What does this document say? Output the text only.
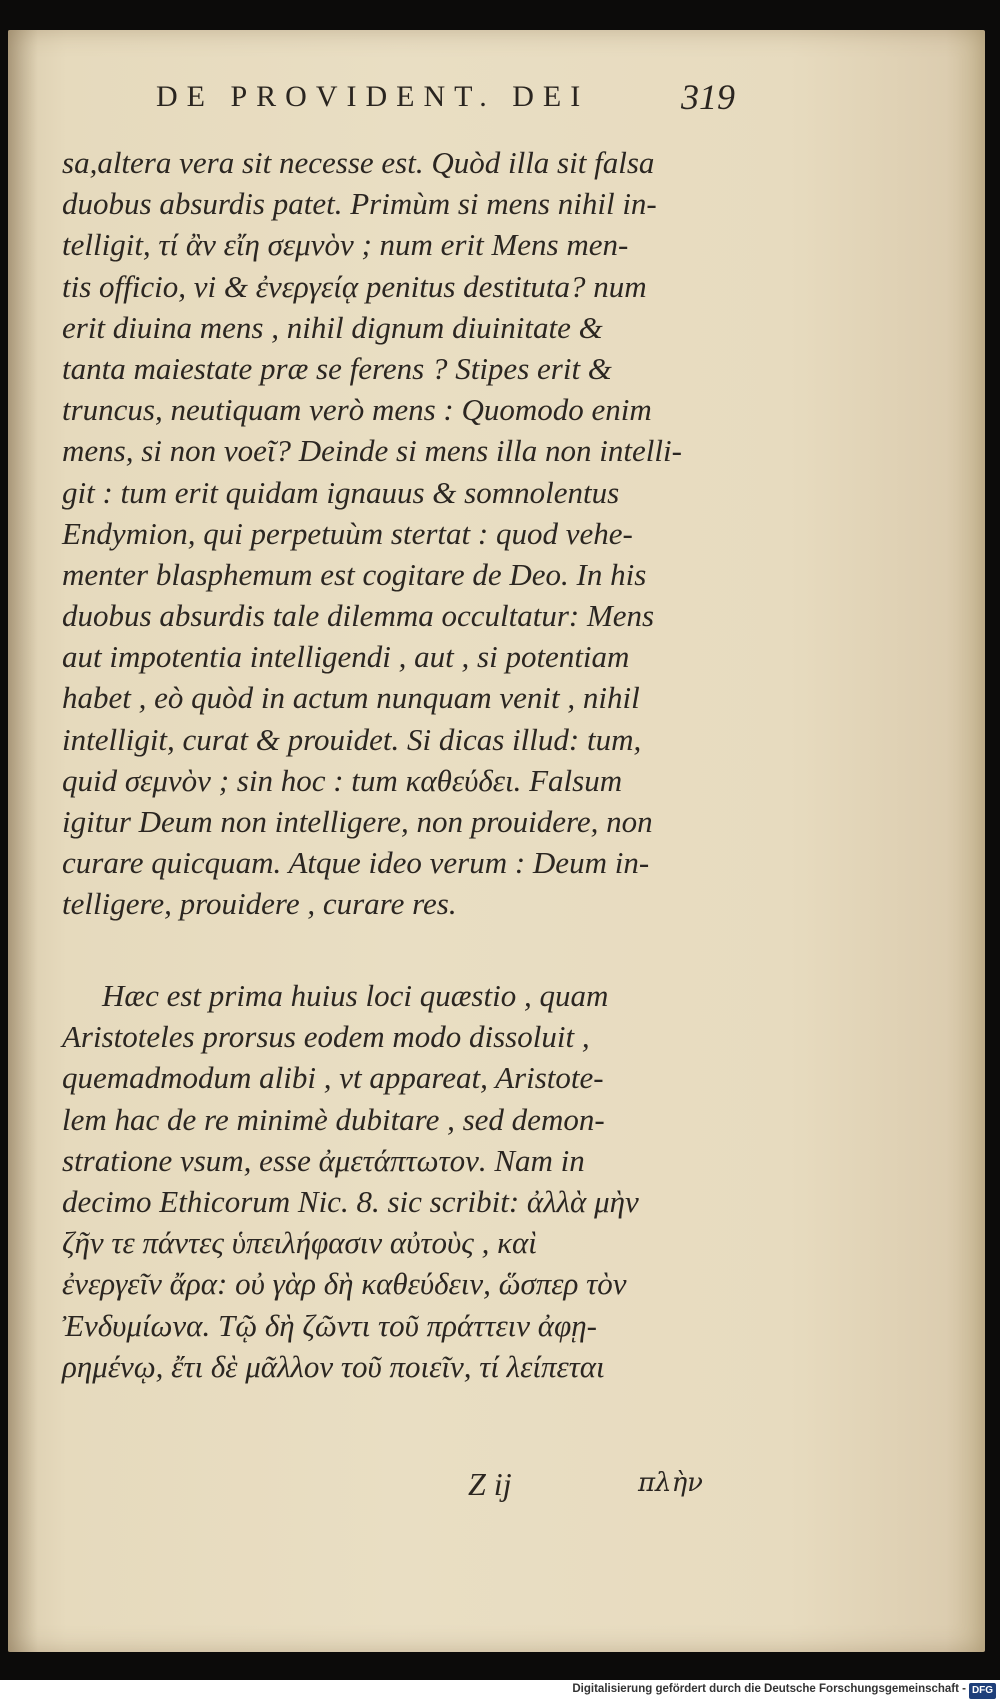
DE PROVIDENT. DEI	319
sa,altera vera sit necesse est. Quòd illa sit falsa
duobus absurdis patet. Primùm si mens nihil in-
telligit, τί ἂν εἴη σεμνὸν ; num erit Mens men-
tis officio, vi & ἐνεργείᾳ penitus destituta? num
erit diuina mens , nihil dignum diuinitate &
tanta maiestate præ se ferens ? Stipes erit &
truncus, neutiquam verò mens : Quomodo enim
mens, si non voeῖ? Deinde si mens illa non intelli-
git : tum erit quidam ignauus & somnolentus
Endymion, qui perpetuùm stertat : quod vehe-
menter blasphemum est cogitare de Deo. In his
duobus absurdis tale dilemma occultatur: Mens
aut impotentia intelligendi , aut , si potentiam
habet , eò quòd in actum nunquam venit , nihil
intelligit, curat & prouidet. Si dicas illud: tum,
quid σεμνὸν ; sin hoc : tum καθεύδει. Falsum
igitur Deum non intelligere, non prouidere, non
curare quicquam. Atque ideo verum : Deum in-
telligere, prouidere , curare res.
Hæc est prima huius loci quæstio , quam
Aristoteles prorsus eodem modo dissoluit ,
quemadmodum alibi , vt appareat, Aristote-
lem hac de re minimè dubitare , sed demon-
stratione vsum, esse ἀμετάπτωτον. Nam in
decimo Ethicorum Nic. 8. sic scribit: ἀλλὰ μὴν
ζῆν τε πάντες ὑπειλήφασιν αὐτοὺς , καὶ
ἐνεργεῖν ἄρα: οὐ γὰρ δὴ καθεύδειν, ὥσπερ τὸν
Ἐνδυμίωνα. Τῷ δὴ ζῶντι τοῦ πράττειν ἀφῃ-
ρημένῳ, ἔτι δὲ μᾶλλον τοῦ ποιεῖν, τί λείπεται
Z ij	πλὴν
Digitalisierung gefördert durch die Deutsche Forschungsgemeinschaft - DFG
